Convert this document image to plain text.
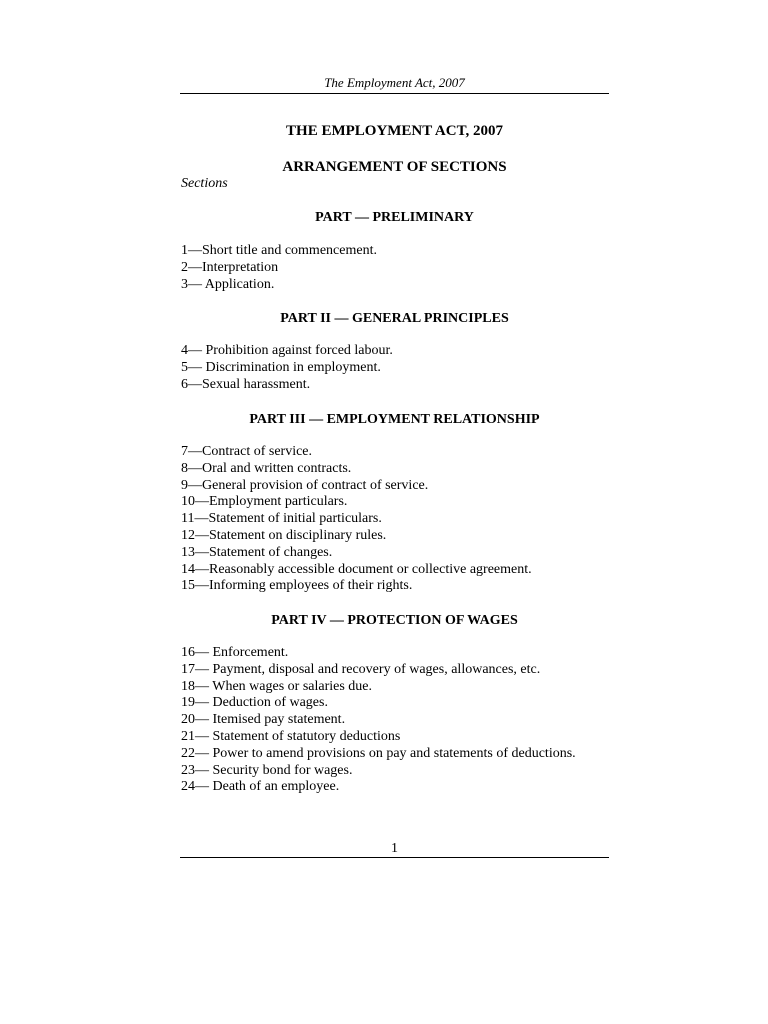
The Employment Act, 2007
THE EMPLOYMENT ACT, 2007
ARRANGEMENT OF SECTIONS
Sections
PART — PRELIMINARY
1—Short title and commencement.
2—Interpretation
3— Application.
PART II — GENERAL PRINCIPLES
4— Prohibition against forced labour.
5— Discrimination in employment.
6—Sexual harassment.
PART III — EMPLOYMENT RELATIONSHIP
7—Contract of service.
8—Oral and written contracts.
9—General provision of contract of service.
10—Employment particulars.
11—Statement of initial particulars.
12—Statement on disciplinary rules.
13—Statement of changes.
14—Reasonably accessible document or collective agreement.
15—Informing employees of their rights.
PART IV — PROTECTION OF WAGES
16— Enforcement.
17— Payment, disposal and recovery of wages, allowances, etc.
18— When wages or salaries due.
19— Deduction of wages.
20— Itemised pay statement.
21— Statement of statutory deductions
22— Power to amend provisions on pay and statements of deductions.
23— Security bond for wages.
24— Death of an employee.
1
